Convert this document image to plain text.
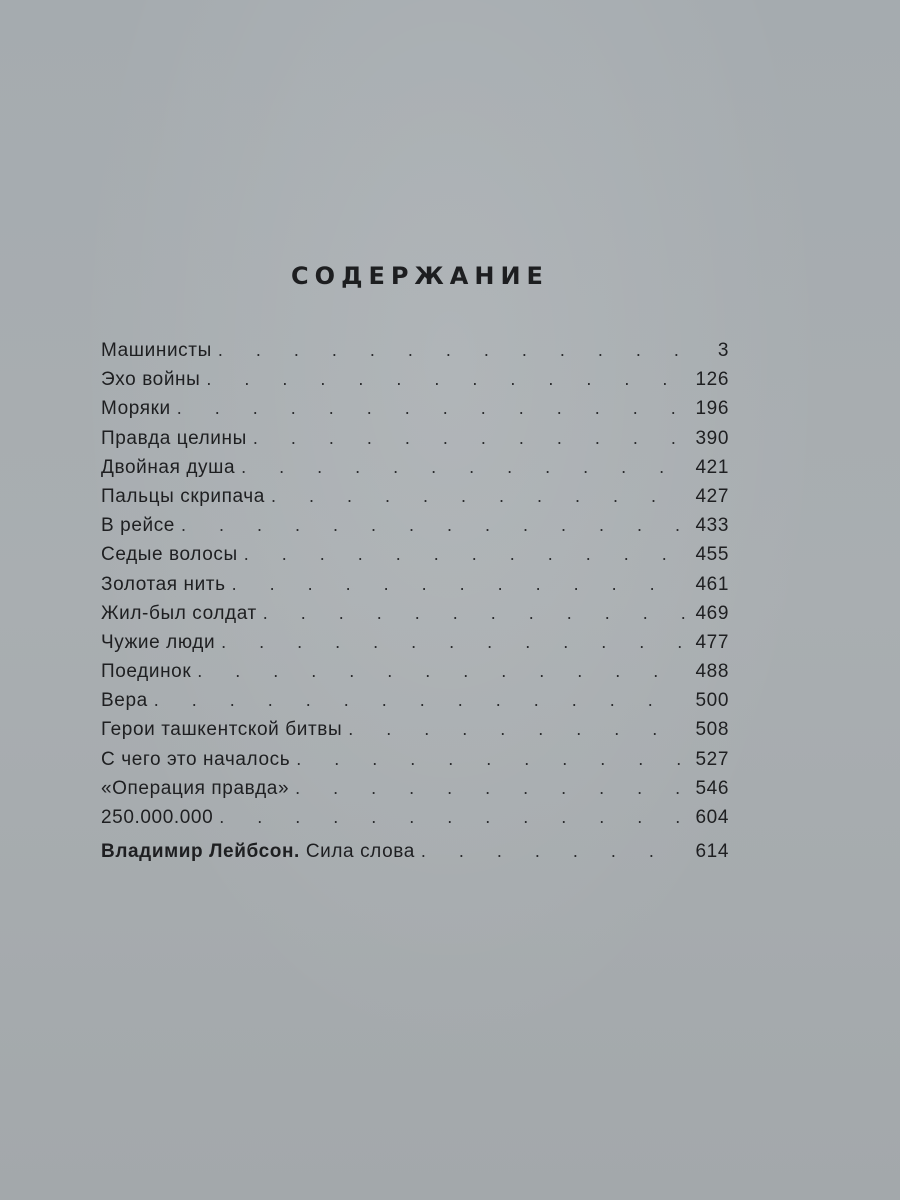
СОДЕРЖАНИЕ
Машинисты . . .	3
Эхо войны . . .	126
Моряки . . .	196
Правда целины . . .	390
Двойная душа . . .	421
Пальцы скрипача . . .	427
В рейсе . . .	433
Седые волосы . . .	455
Золотая нить . . .	461
Жил-был солдат . . .	469
Чужие люди . . .	477
Поединок . . .	488
Вера . . .	500
Герои ташкентской битвы . . .	508
С чего это началось . . .	527
«Операция правда» . . .	546
250.000.000 . . .	604
Владимир Лейбсон. Сила слова . . .	614
